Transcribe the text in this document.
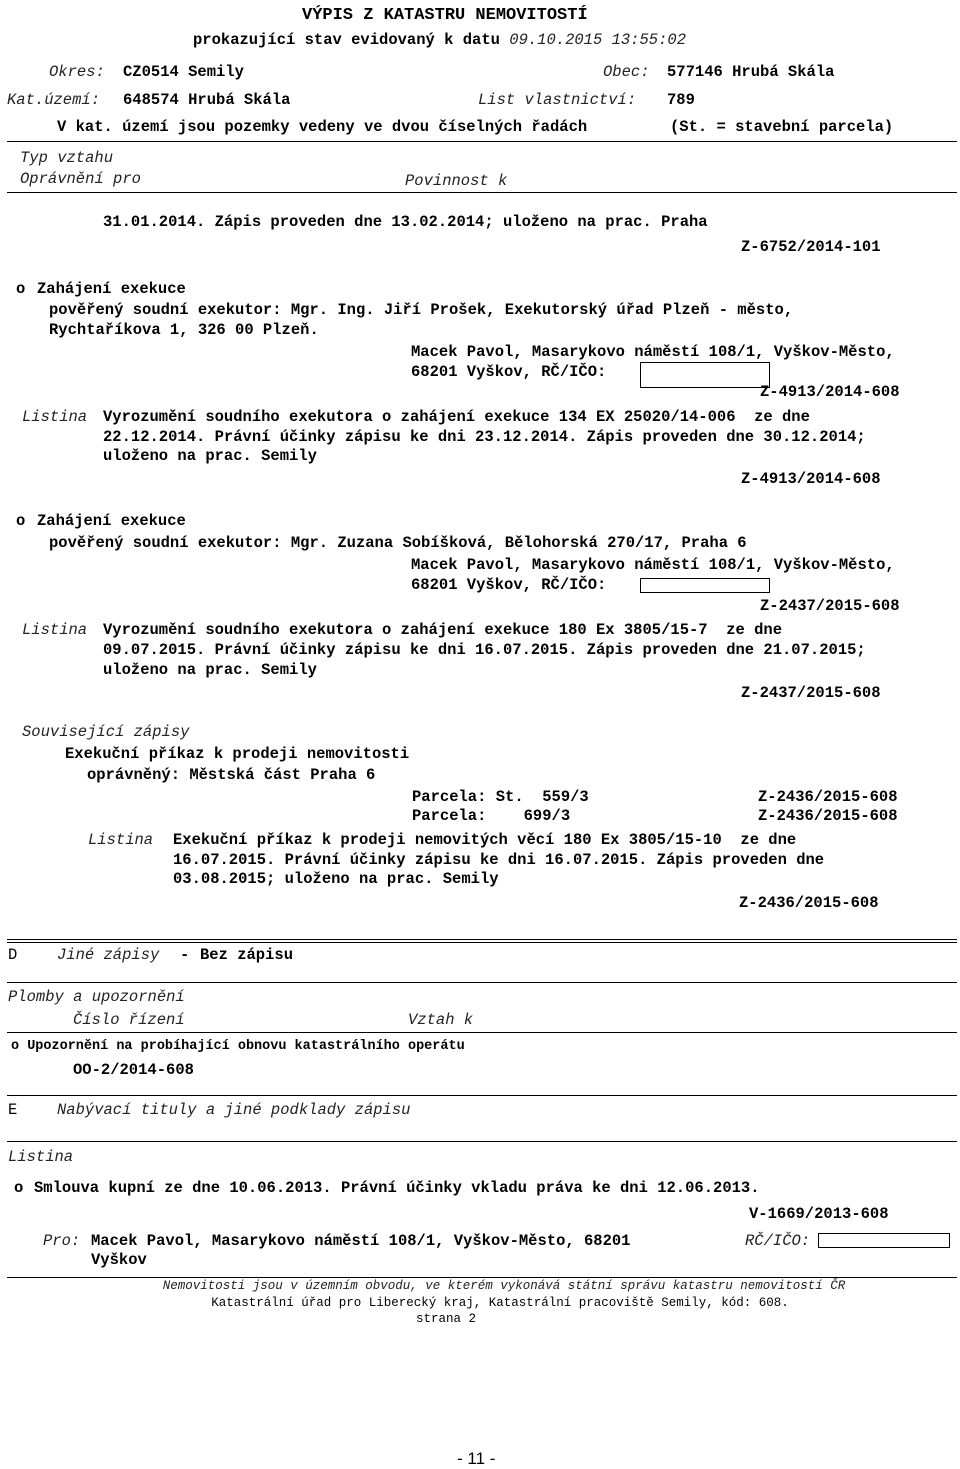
VÝPIS Z KATASTRU NEMOVITOSTÍ
prokazující stav evidovaný k datu 09.10.2015 13:55:02
Okres: CZ0514 Semily	Obec: 577146 Hrubá Skála
Kat.území: 648574 Hrubá Skála	List vlastnictví: 789
V kat. území jsou pozemky vedeny ve dvou číselných řadách	(St. = stavební parcela)
Typ vztahu
Oprávnění pro	Povinnost k
31.01.2014. Zápis proveden dne 13.02.2014; uloženo na prac. Praha
Z-6752/2014-101
o Zahájení exekuce
pověřený soudní exekutor: Mgr. Ing. Jiří Prošek, Exekutorský úřad Plzeň - město,
Rychtaříkova 1, 326 00 Plzeň.
Macek Pavol, Masarykovo náměstí 108/1, Vyškov-Město,
68201 Vyškov, RČ/IČO:
Z-4913/2014-608
Listina Vyrozumění soudního exekutora o zahájení exekuce 134 EX 25020/14-006  ze dne
22.12.2014. Právní účinky zápisu ke dni 23.12.2014. Zápis proveden dne 30.12.2014;
uloženo na prac. Semily
Z-4913/2014-608
o Zahájení exekuce
pověřený soudní exekutor: Mgr. Zuzana Sobíšková, Bělohorská 270/17, Praha 6
Macek Pavol, Masarykovo náměstí 108/1, Vyškov-Město,
68201 Vyškov, RČ/IČO:
Z-2437/2015-608
Listina Vyrozumění soudního exekutora o zahájení exekuce 180 Ex 3805/15-7  ze dne
09.07.2015. Právní účinky zápisu ke dni 16.07.2015. Zápis proveden dne 21.07.2015;
uloženo na prac. Semily
Z-2437/2015-608
Související zápisy
Exekuční příkaz k prodeji nemovitosti
oprávněný: Městská část Praha 6
Parcela: St.  559/3	Z-2436/2015-608
Parcela:    699/3	Z-2436/2015-608
Listina Exekuční příkaz k prodeji nemovitých věcí 180 Ex 3805/15-10  ze dne
16.07.2015. Právní účinky zápisu ke dni 16.07.2015. Zápis proveden dne
03.08.2015; uloženo na prac. Semily
Z-2436/2015-608
D	Jiné zápisy - Bez zápisu
Plomby a upozornění
Číslo řízení	Vztah k
o Upozornění na probíhající obnovu katastrálního operátu
OO-2/2014-608
E	Nabývací tituly a jiné podklady zápisu
Listina
o Smlouva kupní ze dne 10.06.2013. Právní účinky vkladu práva ke dni 12.06.2013.
V-1669/2013-608
Pro: Macek Pavol, Masarykovo náměstí 108/1, Vyškov-Město, 68201
Vyškov
RČ/IČO:
Nemovitosti jsou v územním obvodu, ve kterém vykonává státní správu katastru nemovitostí ČR
Katastrální úřad pro Liberecký kraj, Katastrální pracoviště Semily, kód: 608.
strana 2
- 11 -
